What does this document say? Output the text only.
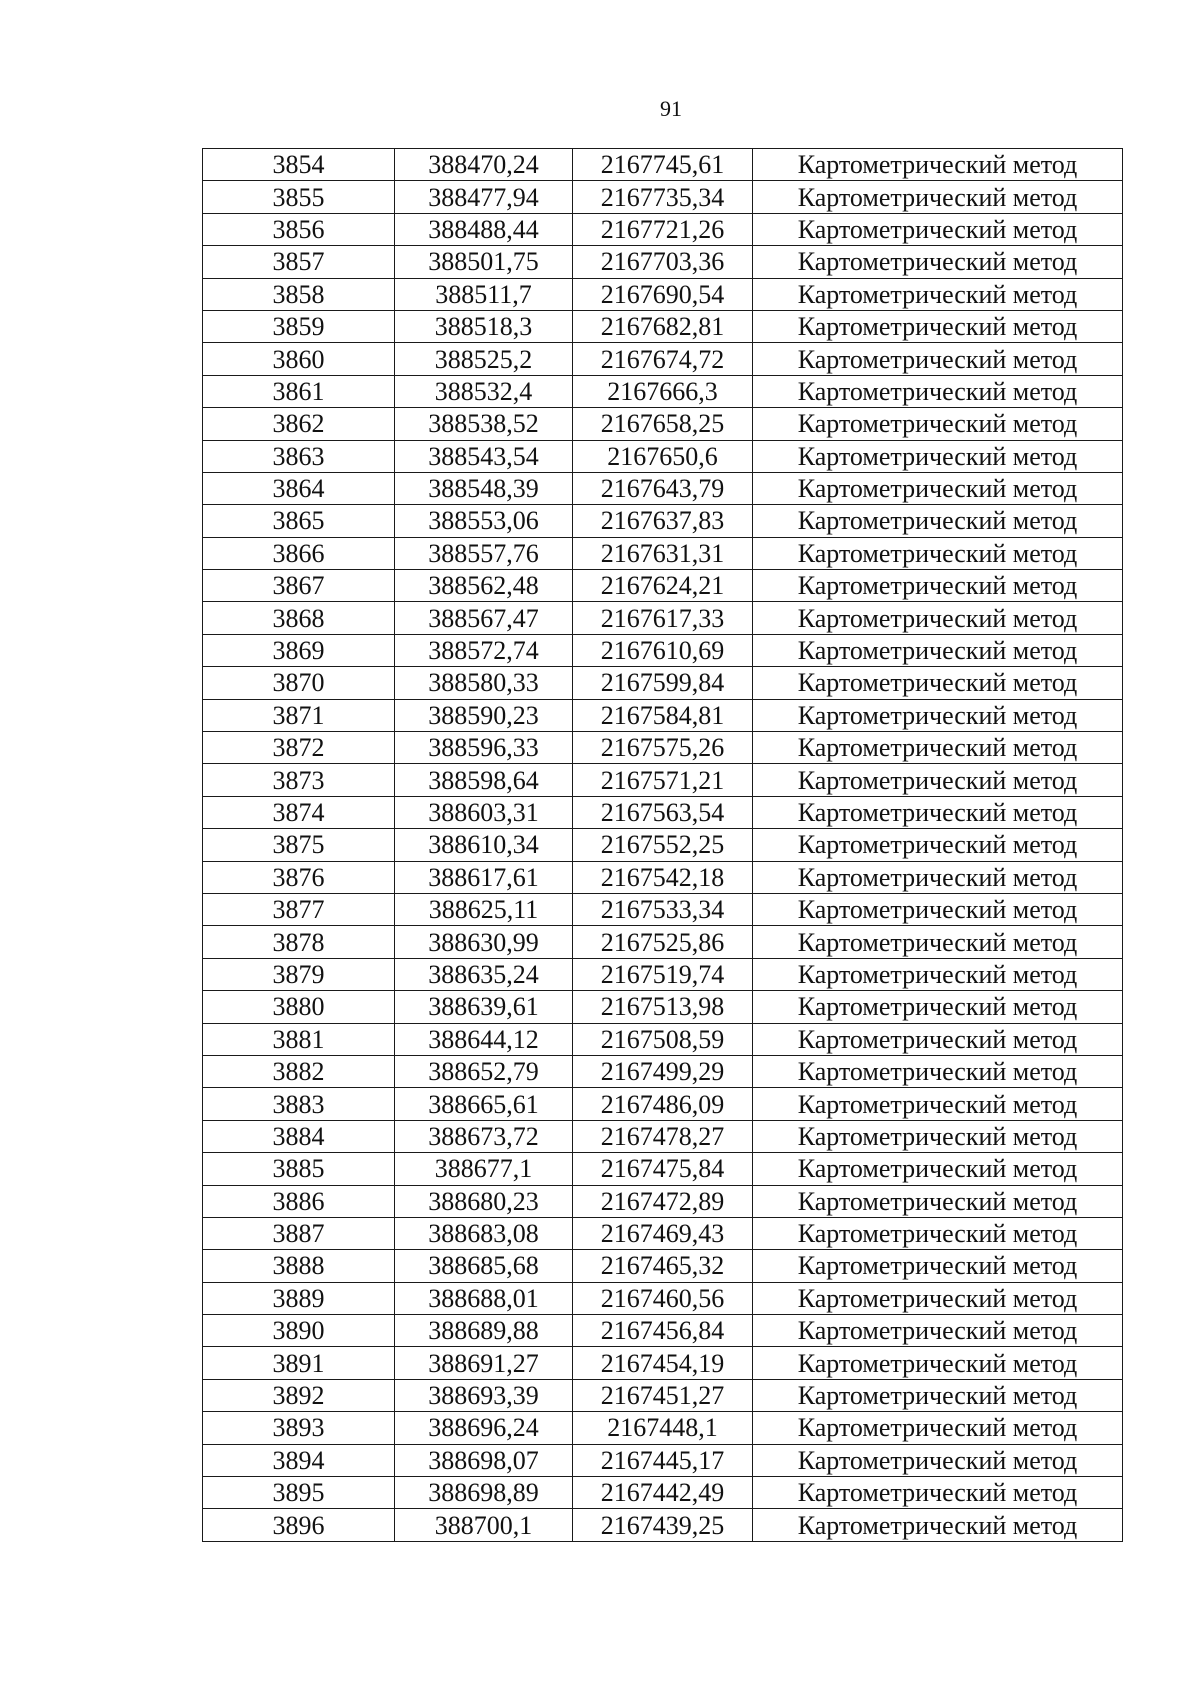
91
3854	388470,24	2167745,61	Картометрический метод
3855	388477,94	2167735,34	Картометрический метод
3856	388488,44	2167721,26	Картометрический метод
3857	388501,75	2167703,36	Картометрический метод
3858	388511,7	2167690,54	Картометрический метод
3859	388518,3	2167682,81	Картометрический метод
3860	388525,2	2167674,72	Картометрический метод
3861	388532,4	2167666,3	Картометрический метод
3862	388538,52	2167658,25	Картометрический метод
3863	388543,54	2167650,6	Картометрический метод
3864	388548,39	2167643,79	Картометрический метод
3865	388553,06	2167637,83	Картометрический метод
3866	388557,76	2167631,31	Картометрический метод
3867	388562,48	2167624,21	Картометрический метод
3868	388567,47	2167617,33	Картометрический метод
3869	388572,74	2167610,69	Картометрический метод
3870	388580,33	2167599,84	Картометрический метод
3871	388590,23	2167584,81	Картометрический метод
3872	388596,33	2167575,26	Картометрический метод
3873	388598,64	2167571,21	Картометрический метод
3874	388603,31	2167563,54	Картометрический метод
3875	388610,34	2167552,25	Картометрический метод
3876	388617,61	2167542,18	Картометрический метод
3877	388625,11	2167533,34	Картометрический метод
3878	388630,99	2167525,86	Картометрический метод
3879	388635,24	2167519,74	Картометрический метод
3880	388639,61	2167513,98	Картометрический метод
3881	388644,12	2167508,59	Картометрический метод
3882	388652,79	2167499,29	Картометрический метод
3883	388665,61	2167486,09	Картометрический метод
3884	388673,72	2167478,27	Картометрический метод
3885	388677,1	2167475,84	Картометрический метод
3886	388680,23	2167472,89	Картометрический метод
3887	388683,08	2167469,43	Картометрический метод
3888	388685,68	2167465,32	Картометрический метод
3889	388688,01	2167460,56	Картометрический метод
3890	388689,88	2167456,84	Картометрический метод
3891	388691,27	2167454,19	Картометрический метод
3892	388693,39	2167451,27	Картометрический метод
3893	388696,24	2167448,1	Картометрический метод
3894	388698,07	2167445,17	Картометрический метод
3895	388698,89	2167442,49	Картометрический метод
3896	388700,1	2167439,25	Картометрический метод
